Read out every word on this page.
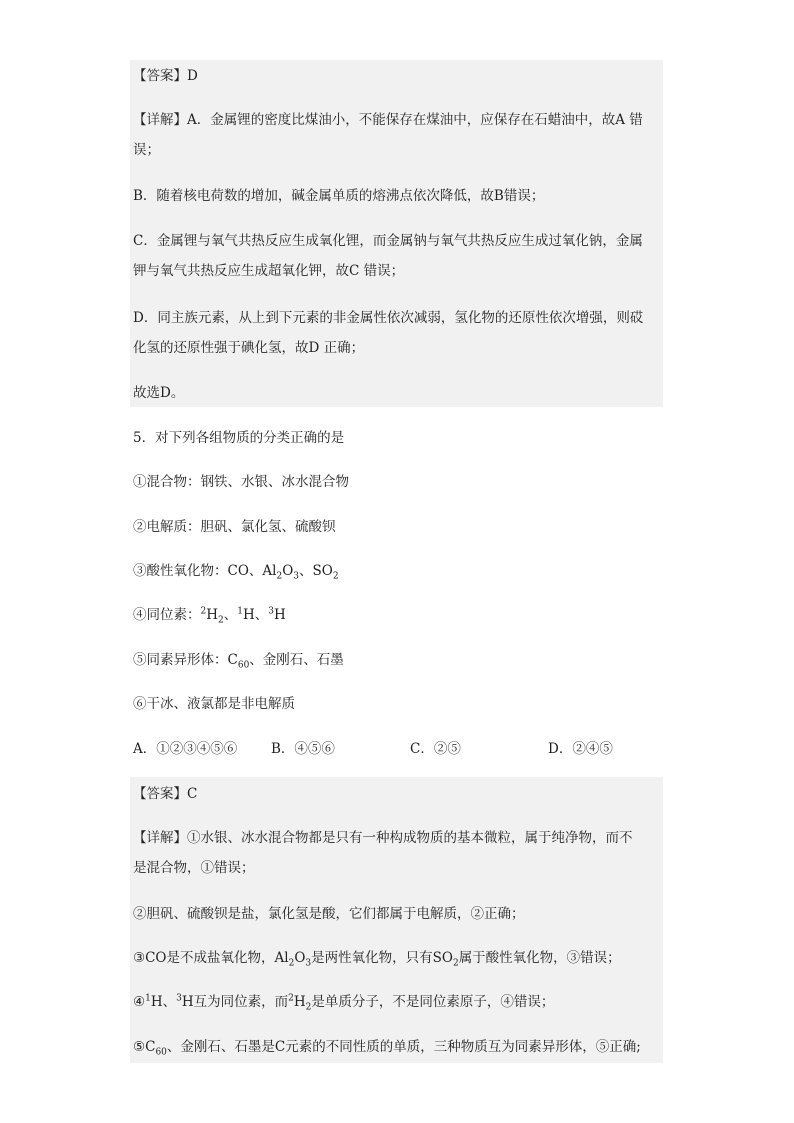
【答案】D
【详解】A．金属锂的密度比煤油小，不能保存在煤油中，应保存在石蜡油中，故A 错
误；
B．随着核电荷数的增加，碱金属单质的熔沸点依次降低，故B错误；
C．金属锂与氧气共热反应生成氧化锂，而金属钠与氧气共热反应生成过氧化钠，金属
钾与氧气共热反应生成超氧化钾，故C 错误；
D．同主族元素，从上到下元素的非金属性依次减弱，氢化物的还原性依次增强，则砹
化氢的还原性强于碘化氢，故D 正确；
故选D。
5．对下列各组物质的分类正确的是
①混合物：钢铁、水银、冰水混合物
②电解质：胆矾、氯化氢、硫酸钡
③酸性氧化物：CO、$Al_2O_3$、$SO_2$
④同位素：$^2H_2$、$^1$H、$^3$H
⑤同素异形体：$C_{60}$、金刚石、石墨
⑥干冰、液氯都是非电解质
A．①②③④⑤⑥	B．④⑤⑥	C．②⑤	D．②④⑤
【答案】C
【详解】①水银、冰水混合物都是只有一种构成物质的基本微粒，属于纯净物，而不
是混合物，①错误；
②胆矾、硫酸钡是盐，氯化氢是酸，它们都属于电解质，②正确；
③CO是不成盐氧化物，$Al_2O_3$是两性氧化物，只有$SO_2$属于酸性氧化物，③错误；
④$^1$H、$^3$H互为同位素，而$^2H_2$是单质分子，不是同位素原子，④错误；
$⑤C_{60}$、金刚石、石墨是C元素的不同性质的单质，三种物质互为同素异形体，⑤正确;
